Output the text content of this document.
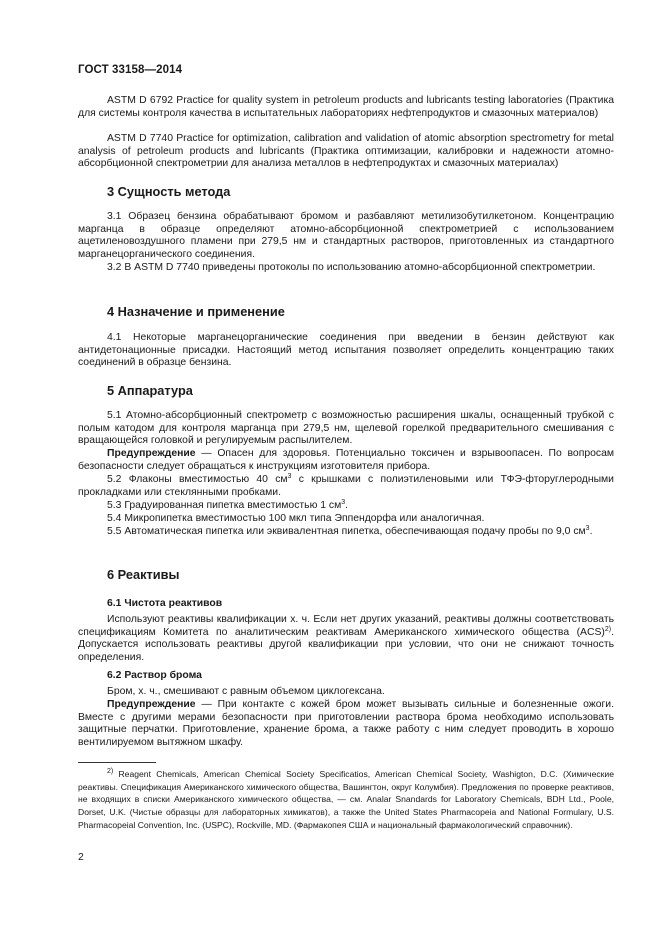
ГОСТ 33158—2014
ASTM D 6792 Practice for quality system in petroleum products and lubricants testing laboratories (Практика для системы контроля качества в испытательных лабораториях нефтепродуктов и смазочных материалов)
ASTM D 7740 Practice for optimization, calibration and validation of atomic absorption spectrometry for metal analysis of petroleum products and lubricants (Практика оптимизации, калибровки и надежности атомно-абсорбционной спектрометрии для анализа металлов в нефтепродуктах и смазочных материалах)
3 Сущность метода
3.1 Образец бензина обрабатывают бромом и разбавляют метилизобутилкетоном. Концентрацию марганца в образце определяют атомно-абсорбционной спектрометрией с использованием ацетиленовоздушного пламени при 279,5 нм и стандартных растворов, приготовленных из стандартного марганецорганического соединения.
3.2 В ASTM D 7740 приведены протоколы по использованию атомно-абсорбционной спектрометрии.
4 Назначение и применение
4.1 Некоторые марганецорганические соединения при введении в бензин действуют как антидетонационные присадки. Настоящий метод испытания позволяет определить концентрацию таких соединений в образце бензина.
5 Аппаратура
5.1 Атомно-абсорбционный спектрометр с возможностью расширения шкалы, оснащенный трубкой с полым катодом для контроля марганца при 279,5 нм, щелевой горелкой предварительного смешивания с вращающейся головкой и регулируемым распылителем.
Предупреждение — Опасен для здоровья. Потенциально токсичен и взрывоопасен. По вопросам безопасности следует обращаться к инструкциям изготовителя прибора.
5.2 Флаконы вместимостью 40 $см^3$ с крышками с полиэтиленовыми или ТФЭ-фторуглеродными прокладками или стеклянными пробками.
5.3 Градуированная пипетка вместимостью 1 $см^3$.
5.4 Микропипетка вместимостью 100 мкл типа Эппендорфа или аналогичная.
5.5 Автоматическая пипетка или эквивалентная пипетка, обеспечивающая подачу пробы по 9,0 $см^3$.
6 Реактивы
6.1 Чистота реактивов
Используют реактивы квалификации х. ч. Если нет других указаний, реактивы должны соответствовать спецификациям Комитета по аналитическим реактивам Американского химического общества (ACS)$^{2)}$. Допускается использовать реактивы другой квалификации при условии, что они не снижают точность определения.
6.2 Раствор брома
Бром, х. ч., смешивают с равным объемом циклогексана.
Предупреждение — При контакте с кожей бром может вызывать сильные и болезненные ожоги. Вместе с другими мерами безопасности при приготовлении раствора брома необходимо использовать защитные перчатки. Приготовление, хранение брома, а также работу с ним следует проводить в хорошо вентилируемом вытяжном шкафу.
$^{2)}$ Reagent Chemicals, American Chemical Society Specificatios, American Chemical Society, Washigton, D.C. (Химические реактивы. Спецификация Американского химического общества, Вашингтон, округ Колумбия). Предложения по проверке реактивов, не входящих в списки Американского химического общества, — см. Analar Snandards for Laboratory Chemicals, BDH Ltd., Poole, Dorset, U.K. (Чистые образцы для лабораторных химикатов), а также the United States Pharmacopeia and National Formulary, U.S. Pharmacopeial Convention, Inc. (USPC), Rockville, MD. (Фармакопея США и национальный фармакологический справочник).
2
